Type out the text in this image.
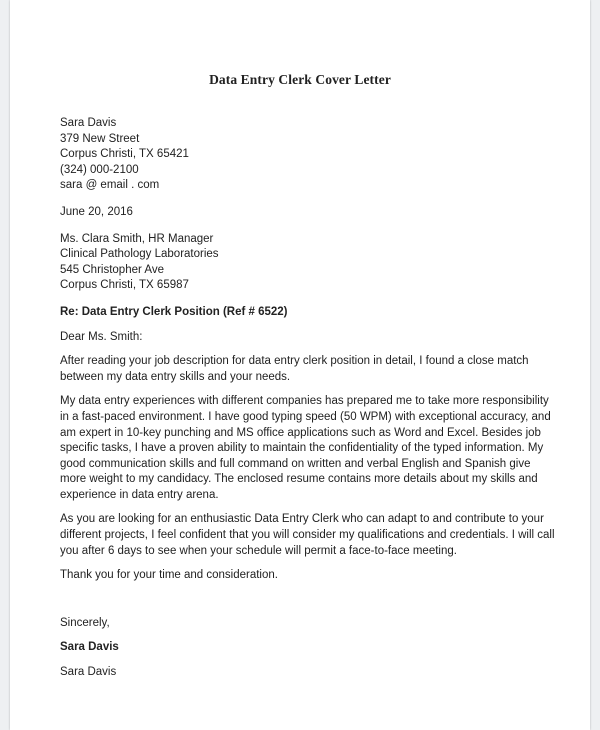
Data Entry Clerk Cover Letter
Sara Davis
379 New Street
Corpus Christi, TX 65421
(324) 000-2100
sara @ email . com
June 20, 2016
Ms. Clara Smith, HR Manager
Clinical Pathology Laboratories
545 Christopher Ave
Corpus Christi, TX 65987
Re: Data Entry Clerk Position (Ref # 6522)
Dear Ms. Smith:
After reading your job description for data entry clerk position in detail, I found a close match
between my data entry skills and your needs.
My data entry experiences with different companies has prepared me to take more responsibility
in a fast-paced environment. I have good typing speed (50 WPM) with exceptional accuracy, and
am expert in 10-key punching and MS office applications such as Word and Excel. Besides job
specific tasks, I have a proven ability to maintain the confidentiality of the typed information. My
good communication skills and full command on written and verbal English and Spanish give
more weight to my candidacy. The enclosed resume contains more details about my skills and
experience in data entry arena.
As you are looking for an enthusiastic Data Entry Clerk who can adapt to and contribute to your
different projects, I feel confident that you will consider my qualifications and credentials. I will call
you after 6 days to see when your schedule will permit a face-to-face meeting.
Thank you for your time and consideration.
Sincerely,
Sara Davis
Sara Davis
